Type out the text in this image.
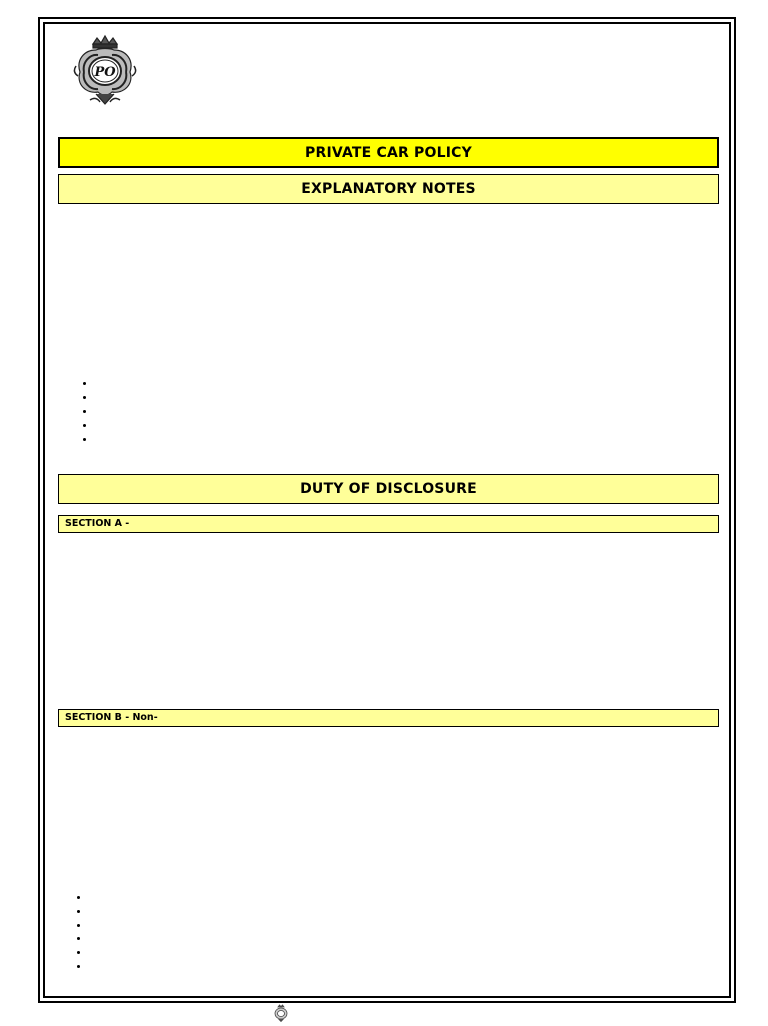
PO
PRIVATE CAR POLICY
EXPLANATORY NOTES
DUTY OF DISCLOSURE
SECTION A -
SECTION B - Non-
